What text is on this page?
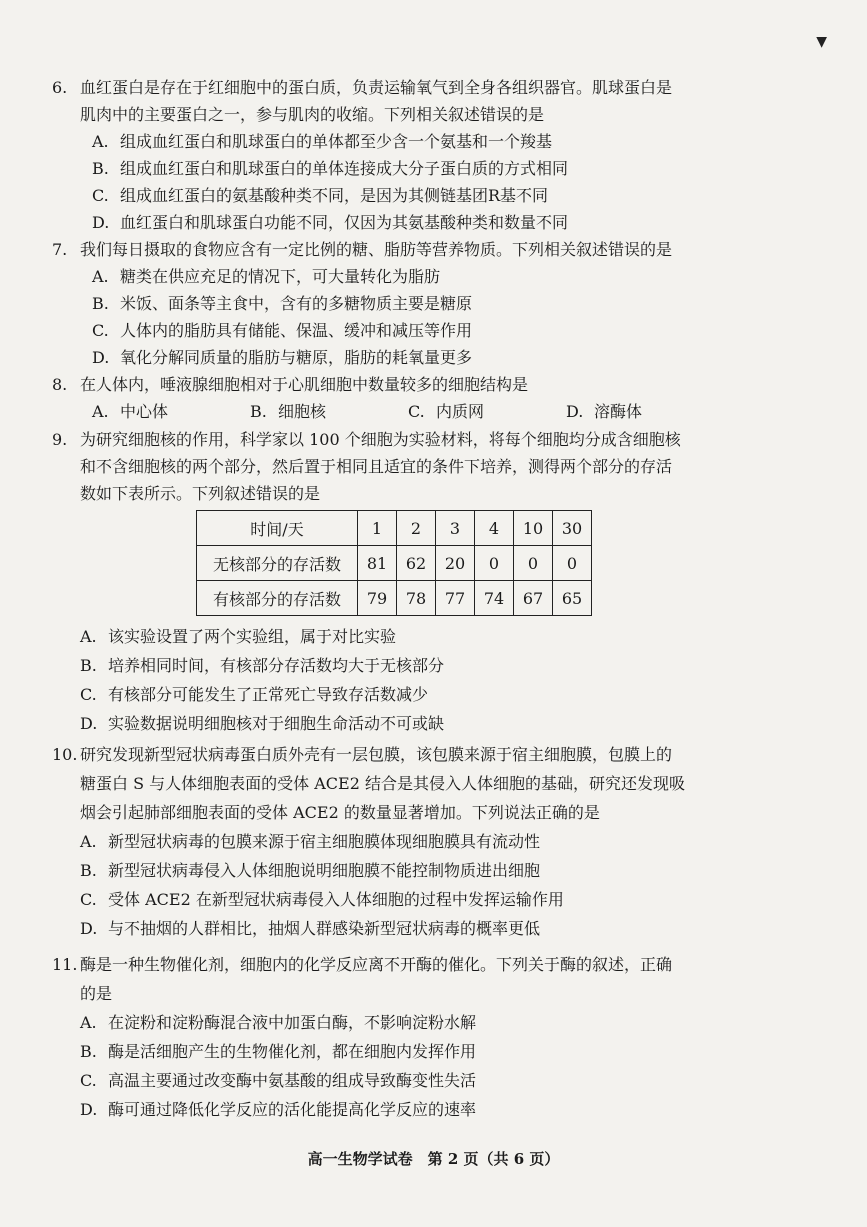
▼
6. 血红蛋白是存在于红细胞中的蛋白质，负责运输氧气到全身各组织器官。肌球蛋白是
肌肉中的主要蛋白之一，参与肌肉的收缩。下列相关叙述错误的是
A. 组成血红蛋白和肌球蛋白的单体都至少含一个氨基和一个羧基
B. 组成血红蛋白和肌球蛋白的单体连接成大分子蛋白质的方式相同
C. 组成血红蛋白的氨基酸种类不同，是因为其侧链基团R基不同
D. 血红蛋白和肌球蛋白功能不同，仅因为其氨基酸种类和数量不同
7. 我们每日摄取的食物应含有一定比例的糖、脂肪等营养物质。下列相关叙述错误的是
A. 糖类在供应充足的情况下，可大量转化为脂肪
B. 米饭、面条等主食中，含有的多糖物质主要是糖原
C. 人体内的脂肪具有储能、保温、缓冲和减压等作用
D. 氧化分解同质量的脂肪与糖原，脂肪的耗氧量更多
8. 在人体内，唾液腺细胞相对于心肌细胞中数量较多的细胞结构是
A. 中心体	B. 细胞核	C. 内质网	D. 溶酶体
9. 为研究细胞核的作用，科学家以 100 个细胞为实验材料，将每个细胞均分成含细胞核
和不含细胞核的两个部分，然后置于相同且适宜的条件下培养，测得两个部分的存活
数如下表所示。下列叙述错误的是
时间/天	1	2	3	4	10	30
无核部分的存活数	81	62	20	0	0	0
有核部分的存活数	79	78	77	74	67	65
A. 该实验设置了两个实验组，属于对比实验
B. 培养相同时间，有核部分存活数均大于无核部分
C. 有核部分可能发生了正常死亡导致存活数减少
D. 实验数据说明细胞核对于细胞生命活动不可或缺
10. 研究发现新型冠状病毒蛋白质外壳有一层包膜，该包膜来源于宿主细胞膜，包膜上的
糖蛋白 S 与人体细胞表面的受体 ACE2 结合是其侵入人体细胞的基础，研究还发现吸
烟会引起肺部细胞表面的受体 ACE2 的数量显著增加。下列说法正确的是
A. 新型冠状病毒的包膜来源于宿主细胞膜体现细胞膜具有流动性
B. 新型冠状病毒侵入人体细胞说明细胞膜不能控制物质进出细胞
C. 受体 ACE2 在新型冠状病毒侵入人体细胞的过程中发挥运输作用
D. 与不抽烟的人群相比，抽烟人群感染新型冠状病毒的概率更低
11. 酶是一种生物催化剂，细胞内的化学反应离不开酶的催化。下列关于酶的叙述，正确
的是
A. 在淀粉和淀粉酶混合液中加蛋白酶，不影响淀粉水解
B. 酶是活细胞产生的生物催化剂，都在细胞内发挥作用
C. 高温主要通过改变酶中氨基酸的组成导致酶变性失活
D. 酶可通过降低化学反应的活化能提高化学反应的速率
高一生物学试卷　第 2 页（共 6 页）
